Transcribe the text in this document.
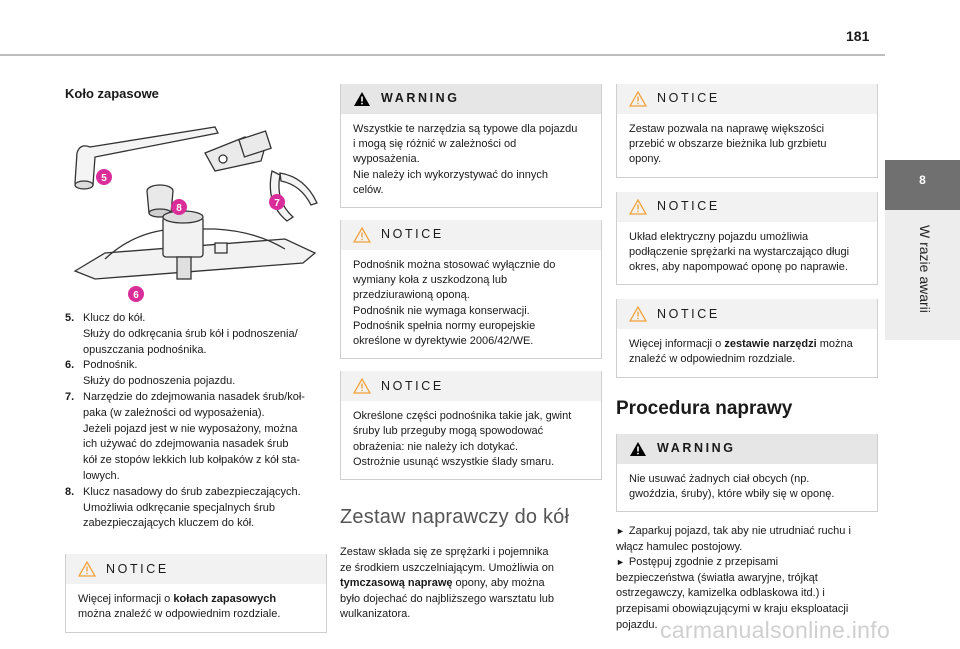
181
8
W razie awarii
Koło zapasowe
5
8	7
6
5. Klucz do kół.
Służy do odkręcania śrub kół i podnoszenia/
opuszczania podnośnika.
6. Podnośnik.
Służy do podnoszenia pojazdu.
7. Narzędzie do zdejmowania nasadek śrub/koł-
paka (w zależności od wyposażenia).
Jeżeli pojazd jest w nie wyposażony, można
ich używać do zdejmowania nasadek śrub
kół ze stopów lekkich lub kołpaków z kół sta-
lowych.
8. Klucz nasadowy do śrub zabezpieczających.
Umożliwia odkręcanie specjalnych śrub
zabezpieczających kluczem do kół.
NOTICE

Więcej informacji o kołach zapasowych

można znaleźć w odpowiednim rozdziale.

WARNING

Wszystkie te narzędzia są typowe dla pojazdu

i mogą się różnić w zależności od

wyposażenia.

Nie należy ich wykorzystywać do innych

celów.

NOTICE

Podnośnik można stosować wyłącznie do

wymiany koła z uszkodzoną lub

przedziurawioną oponą.

Podnośnik nie wymaga konserwacji.

Podnośnik spełnia normy europejskie

określone w dyrektywie 2006/42/WE.

NOTICE

Określone części podnośnika takie jak, gwint

śruby lub przeguby mogą spowodować

obrażenia: nie należy ich dotykać.

Ostrożnie usunąć wszystkie ślady smaru.

Zestaw naprawczy do kół

Zestaw składa się ze sprężarki i pojemnika
ze środkiem uszczelniającym. Umożliwia on
tymczasową naprawę opony, aby można
było dojechać do najbliższego warsztatu lub
wulkanizatora.

NOTICE

Zestaw pozwala na naprawę większości

przebić w obszarze bieżnika lub grzbietu

opony.

NOTICE

Układ elektryczny pojazdu umożliwia

podłączenie sprężarki na wystarczająco długi

okres, aby napompować oponę po naprawie.

NOTICE

Więcej informacji o zestawie narzędzi można

znaleźć w odpowiednim rozdziale.

Procedura naprawy
WARNING

Nie usuwać żadnych ciał obcych (np.

gwoździa, śruby), które wbiły się w oponę.

► Zaparkuj pojazd, tak aby nie utrudniać ruchu i
włącz hamulec postojowy.

► Postępuj zgodnie z przepisami
bezpieczeństwa (światła awaryjne, trójkąt
ostrzegawczy, kamizelka odblaskowa itd.) i
przepisami obowiązującymi w kraju eksploatacji
pojazdu. carmanualsonline.info
